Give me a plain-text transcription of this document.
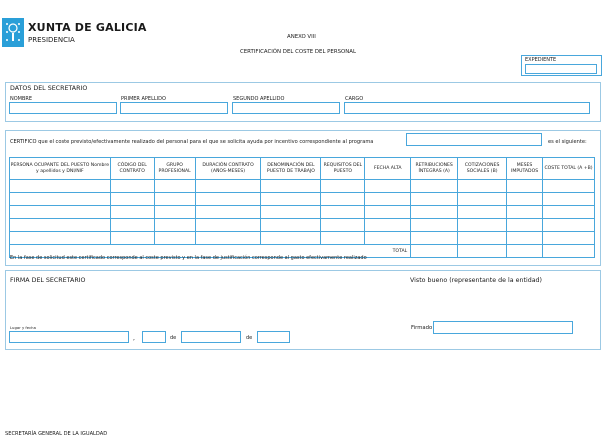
XUNTA DE GALICIA
PRESIDENCIA	ANEXO VIII
CERTIFICACIÓN DEL COSTE DEL PERSONAL
EXPEDIENTE
DATOS DEL SECRETARIO
NOMBRE	PRIMER APELLIDO	SEGUNDO APELLIDO	CARGO
CERTIFICO que el coste previsto/efectivamente realizado del personal para el que se solicita ayuda por incentivo correspondiente al programa	es el siguiente:
PERSONA OCUPANTE DEL PUESTO Nombre y apellidos y DNI/NIF	CÓDIGO DEL CONTRATO	GRUPO PROFESIONAL	DURACIÓN CONTRATO (AÑOS-MESES)	DENOMINACIÓN DEL PUESTO DE TRABAJO	REQUISITOS DEL PUESTO	FECHA ALTA	RETRIBUCIONES ÍNTEGRAS (A)	COTIZACIONES SOCIALES (B)	MESES IMPUTADOS	COSTE TOTAL (A +B)

TOTAL										
En la fase de solicitud este certificado corresponde al coste previsto y en la fase de justificación corresponde al gasto efectivamente realizado
FIRMA DEL SECRETARIO	Visto bueno (representante de la entidad)
Lugar y fecha
,	de	de
Firmado
SECRETARÍA GENERAL DE LA IGUALDAD
